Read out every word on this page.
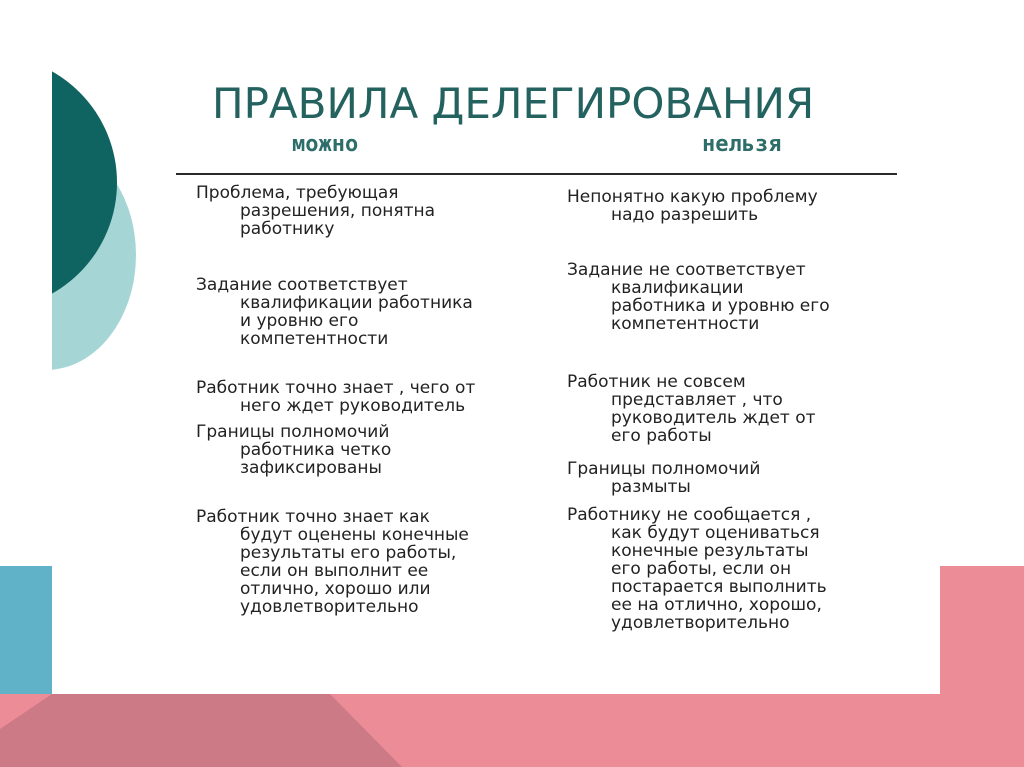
ПРАВИЛА ДЕЛЕГИРОВАНИЯ
можно	нельзя

Проблема, требующая
разрешения, понятна
работнику

Задание соответствует
квалификации работника
и уровню его
компетентности

Работник точно знает , чего от
него ждет руководитель

Границы полномочий
работника четко
зафиксированы

Работник точно знает как
будут оценены конечные
результаты его работы,
если он выполнит ее
отлично, хорошо или
удовлетворительно

Непонятно какую проблему
надо разрешить

Задание не соответствует
квалификации
работника и уровню его
компетентности

Работник не совсем
представляет , что
руководитель ждет от
его работы

Границы полномочий
размыты

Работнику не сообщается ,
как будут оцениваться
конечные результаты
его работы, если он
постарается выполнить
ее на отлично, хорошо,
удовлетворительно
